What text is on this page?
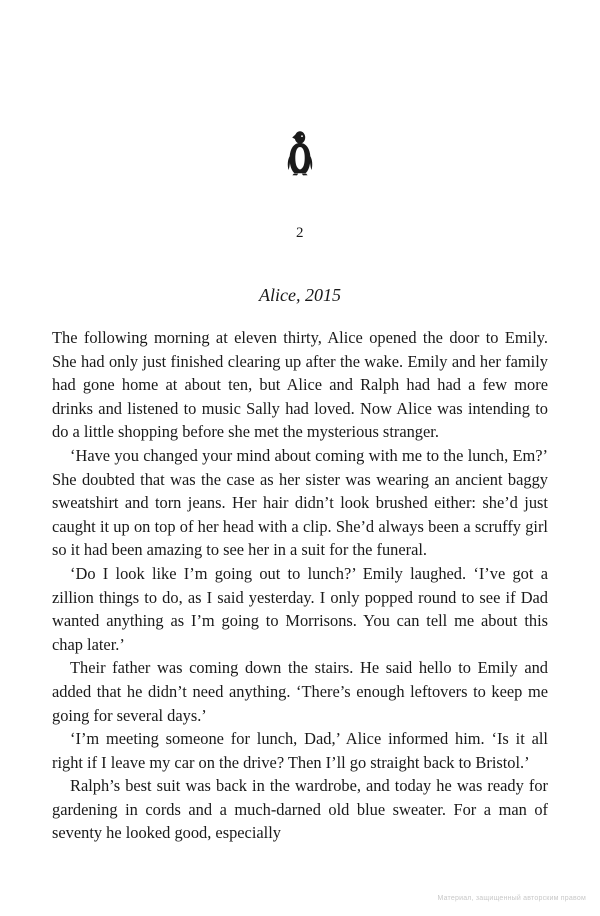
2
Alice, 2015

The following morning at eleven thirty, Alice opened the door to Emily. She had only just finished clearing up after the wake. Emily and her family had gone home at about ten, but Alice and Ralph had had a few more drinks and listened to music Sally had loved. Now Alice was intending to do a little shopping before she met the mysterious stranger.

‘Have you changed your mind about coming with me to the lunch, Em?’ She doubted that was the case as her sister was wearing an ancient baggy sweatshirt and torn jeans. Her hair didn’t look brushed either: she’d just caught it up on top of her head with a clip. She’d always been a scruffy girl so it had been amazing to see her in a suit for the funeral.

‘Do I look like I’m going out to lunch?’ Emily laughed. ‘I’ve got a zillion things to do, as I said yesterday. I only popped round to see if Dad wanted anything as I’m going to Morrisons. You can tell me about this chap later.’

Their father was coming down the stairs. He said hello to Emily and added that he didn’t need anything. ‘There’s enough leftovers to keep me going for several days.’

‘I’m meeting someone for lunch, Dad,’ Alice informed him. ‘Is it all right if I leave my car on the drive? Then I’ll go straight back to Bristol.’

Ralph’s best suit was back in the wardrobe, and today he was ready for gardening in cords and a much-darned old blue sweater. For a man of seventy he looked good, especially

Матepиaл, зaщищeнный aвтopcким пpaвoм
